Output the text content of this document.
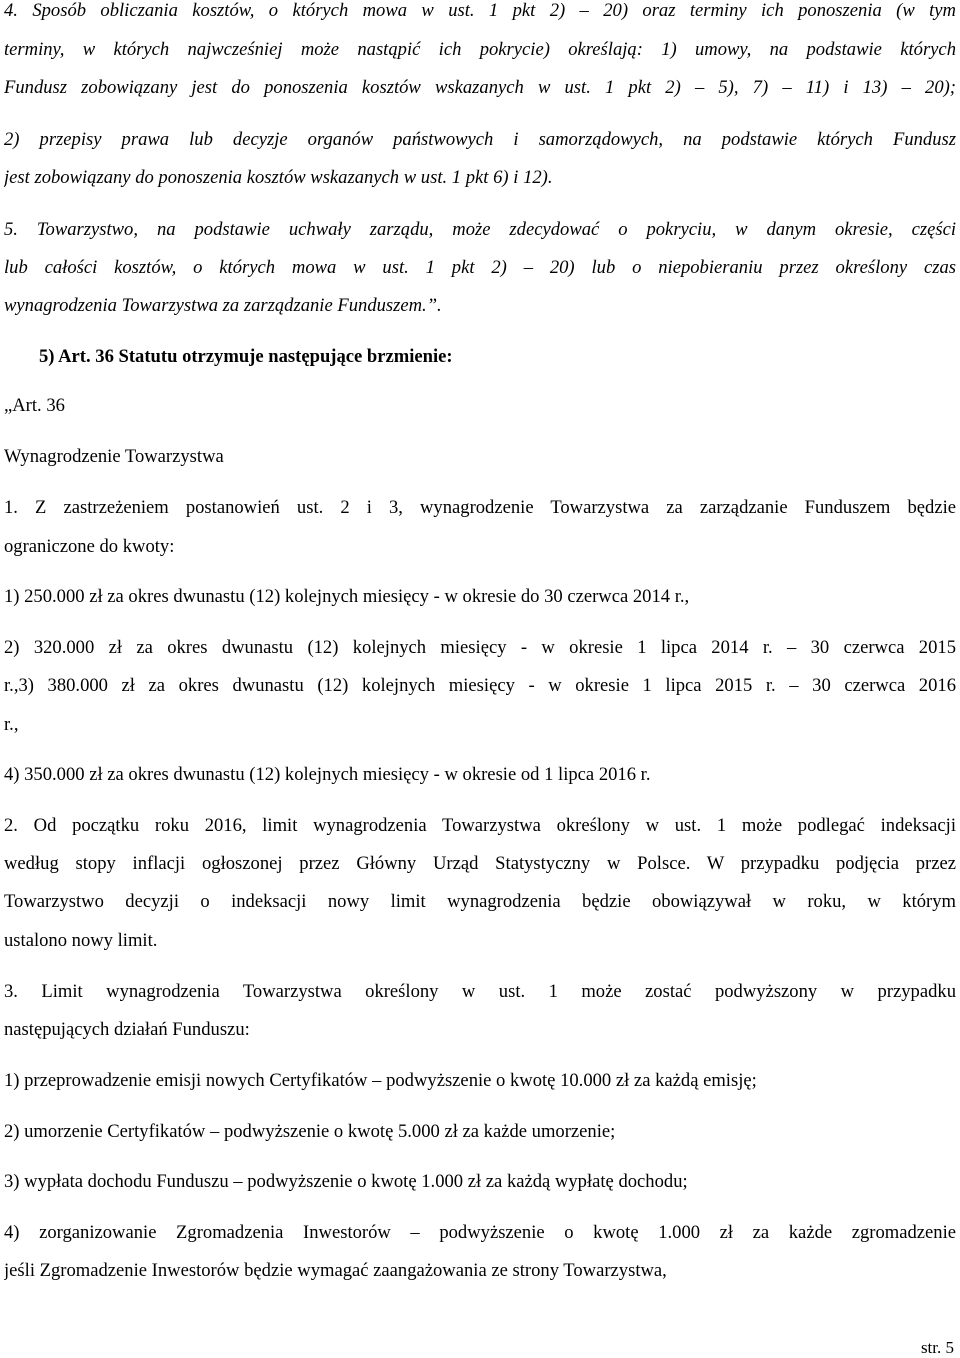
4. Sposób obliczania kosztów, o których mowa w ust. 1 pkt 2) – 20) oraz terminy ich ponoszenia (w tym
terminy, w których najwcześniej może nastąpić ich pokrycie) określają: 1) umowy, na podstawie których
Fundusz zobowiązany jest do ponoszenia kosztów wskazanych w ust. 1 pkt 2) – 5), 7) – 11) i 13) – 20);
2) przepisy prawa lub decyzje organów państwowych i samorządowych, na podstawie których Fundusz
jest zobowiązany do ponoszenia kosztów wskazanych w ust. 1 pkt 6) i 12).
5. Towarzystwo, na podstawie uchwały zarządu, może zdecydować o pokryciu, w danym okresie, części
lub całości kosztów, o których mowa w ust. 1 pkt 2) – 20) lub o niepobieraniu przez określony czas
wynagrodzenia Towarzystwa za zarządzanie Funduszem.”.
5) Art. 36 Statutu otrzymuje następujące brzmienie:
„Art. 36
Wynagrodzenie Towarzystwa
1. Z zastrzeżeniem postanowień ust. 2 i 3, wynagrodzenie Towarzystwa za zarządzanie Funduszem będzie
ograniczone do kwoty:
1) 250.000 zł za okres dwunastu (12) kolejnych miesięcy - w okresie do 30 czerwca 2014 r.,
2) 320.000 zł za okres dwunastu (12) kolejnych miesięcy - w okresie 1 lipca 2014 r. – 30 czerwca 2015
r.,3) 380.000 zł za okres dwunastu (12) kolejnych miesięcy - w okresie 1 lipca 2015 r. – 30 czerwca 2016
r.,
4) 350.000 zł za okres dwunastu (12) kolejnych miesięcy - w okresie od 1 lipca 2016 r.
2. Od początku roku 2016, limit wynagrodzenia Towarzystwa określony w ust. 1 może podlegać indeksacji
według stopy inflacji ogłoszonej przez Główny Urząd Statystyczny w Polsce. W przypadku podjęcia przez
Towarzystwo decyzji o indeksacji nowy limit wynagrodzenia będzie obowiązywał w roku, w którym
ustalono nowy limit.
3. Limit wynagrodzenia Towarzystwa określony w ust. 1 może zostać podwyższony w przypadku
następujących działań Funduszu:
1) przeprowadzenie emisji nowych Certyfikatów – podwyższenie o kwotę 10.000 zł za każdą emisję;
2) umorzenie Certyfikatów – podwyższenie o kwotę 5.000 zł za każde umorzenie;
3) wypłata dochodu Funduszu – podwyższenie o kwotę 1.000 zł za każdą wypłatę dochodu;
4) zorganizowanie Zgromadzenia Inwestorów – podwyższenie o kwotę 1.000 zł za każde zgromadzenie
jeśli Zgromadzenie Inwestorów będzie wymagać zaangażowania ze strony Towarzystwa,
str. 5
